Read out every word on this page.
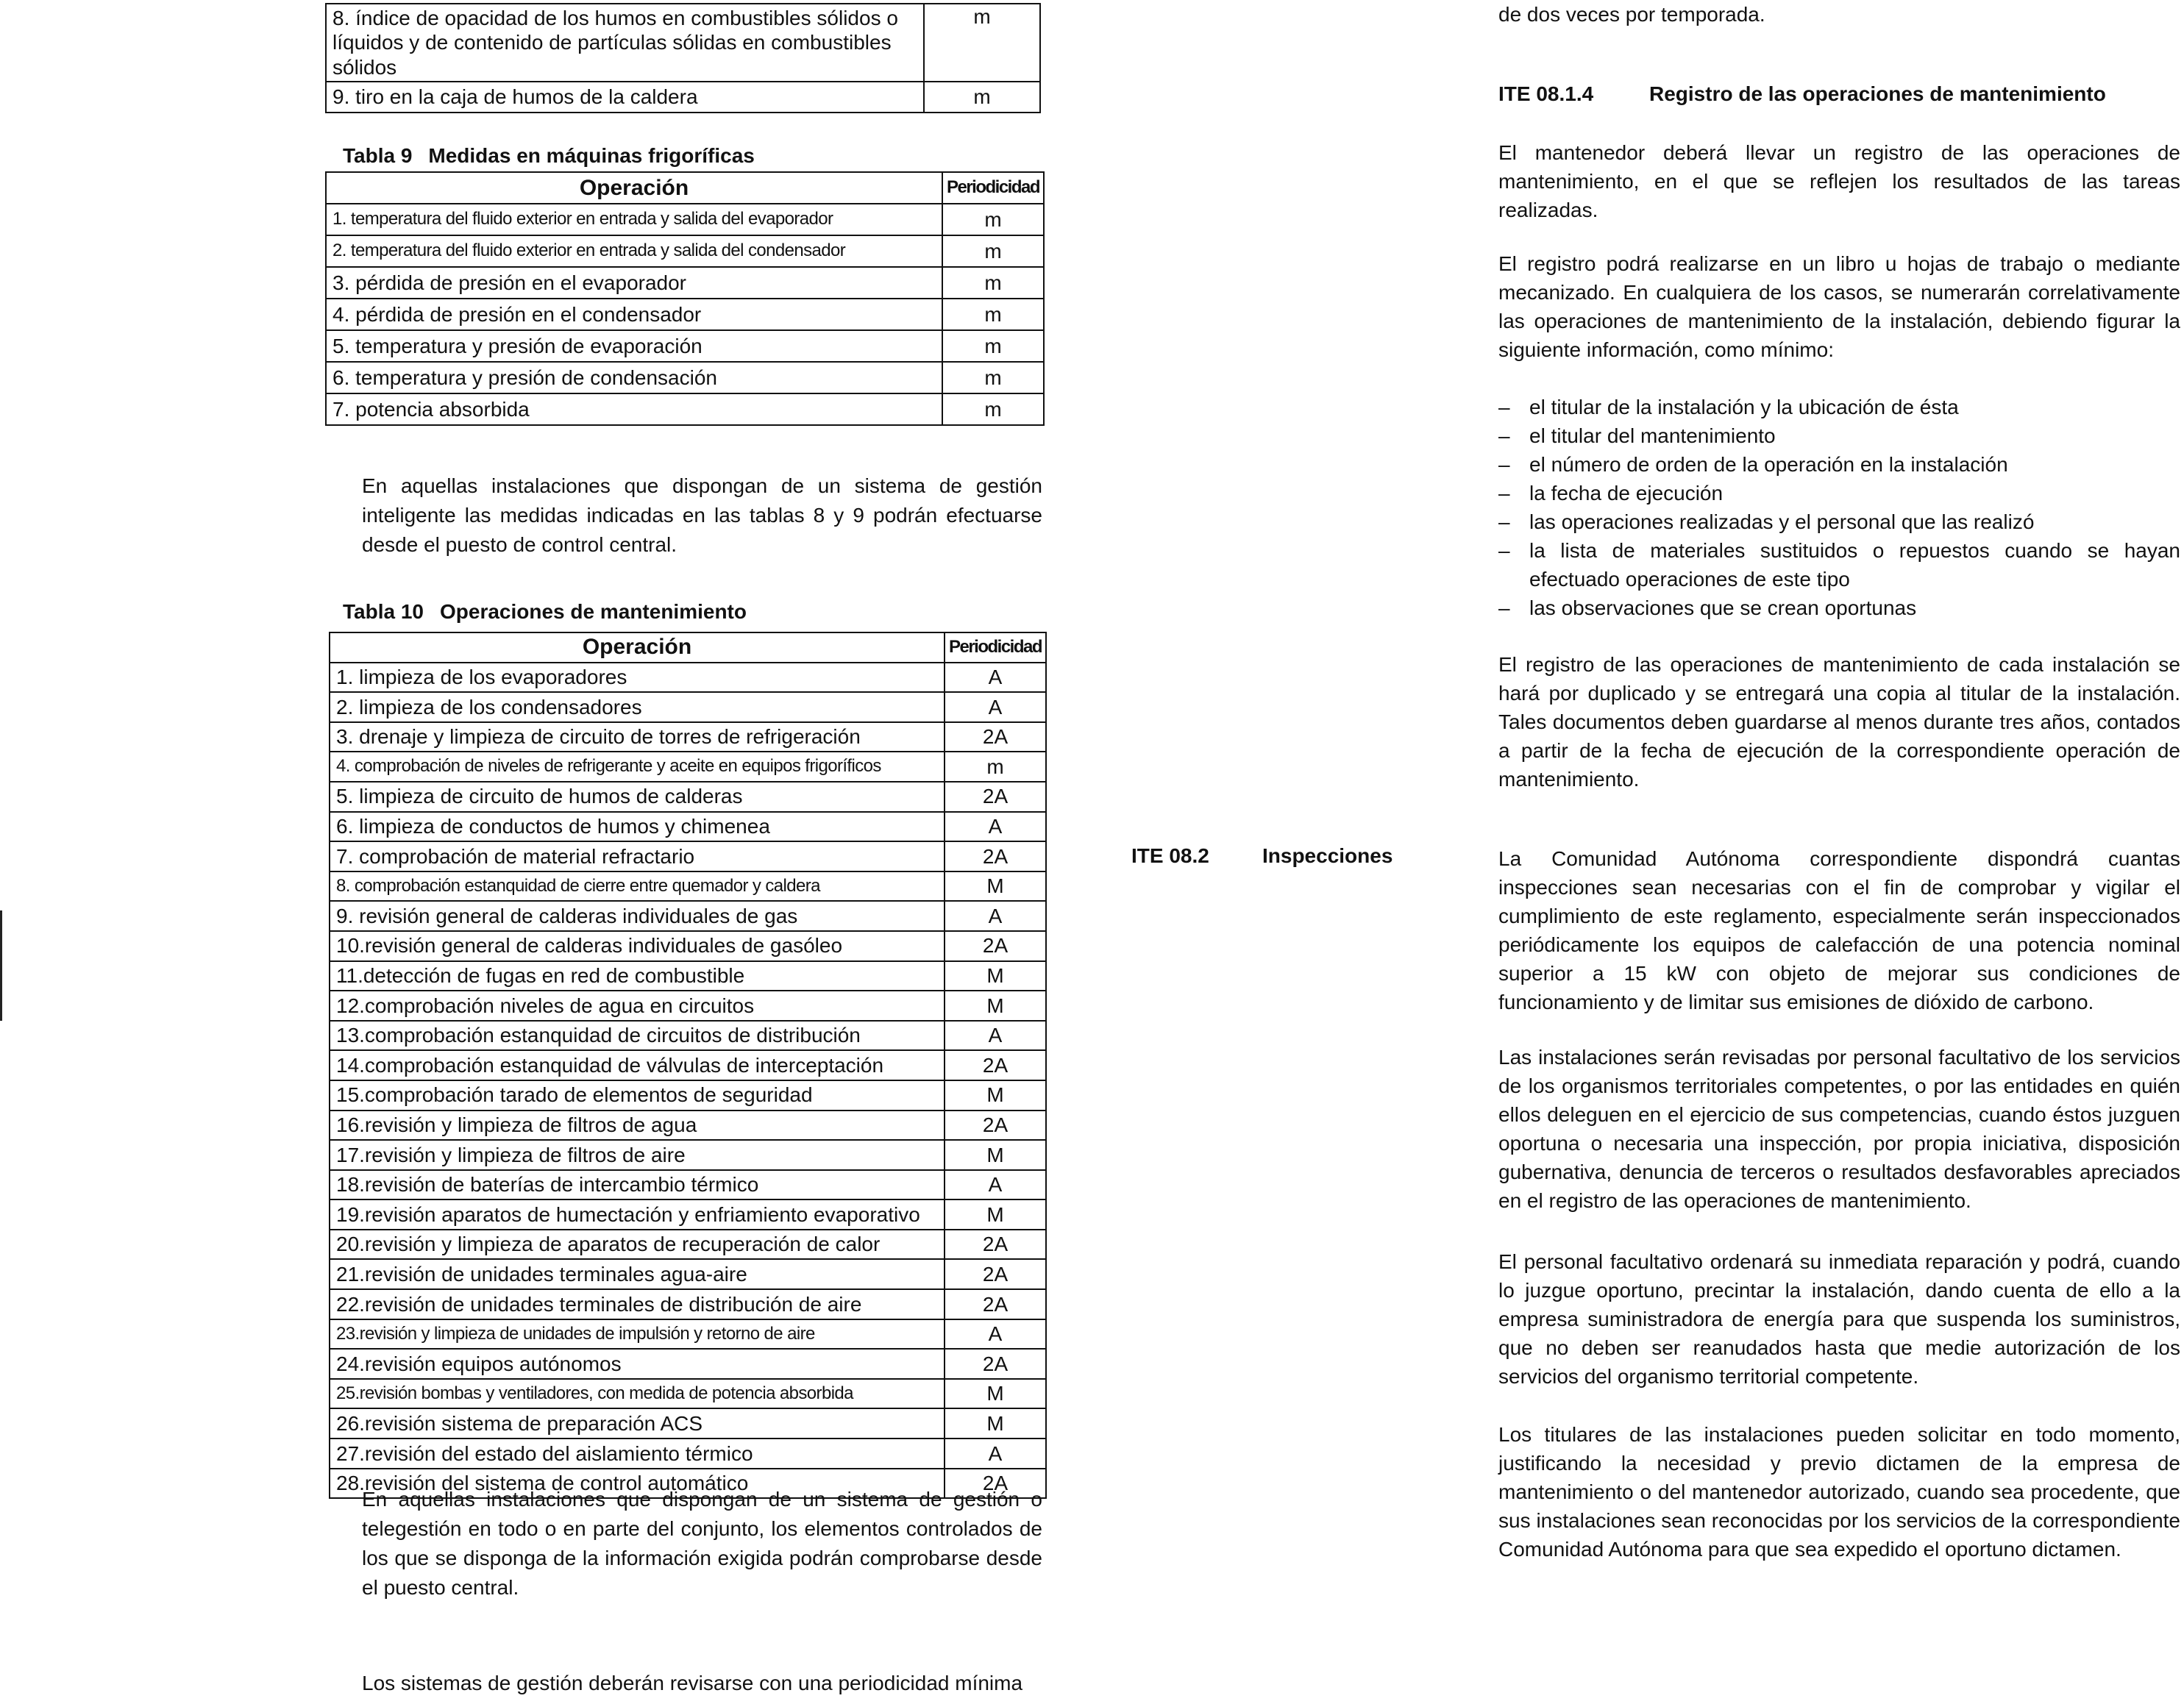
8. índice de opacidad de los humos en combustibles sólidos o líquidos y de contenido de partículas sólidas en combustibles sólidos	m
9. tiro en la caja de humos de la caldera	m
Tabla 9 Medidas en máquinas frigoríficas
Operación	Periodicidad
1. temperatura del fluido exterior en entrada y salida del evaporador	m
2. temperatura del fluido exterior en entrada y salida del condensador	m
3. pérdida de presión en el evaporador	m
4. pérdida de presión en el condensador	m
5. temperatura y presión de evaporación	m
6. temperatura y presión de condensación	m
7. potencia absorbida	m
En aquellas instalaciones que dispongan de un sistema de gestión inteligente las medidas indicadas en las tablas 8 y 9 podrán efectuarse desde el puesto de control central.
Tabla 10 Operaciones de mantenimiento
Operación	Periodicidad
1. limpieza de los evaporadores	A
2. limpieza de los condensadores	A
3. drenaje y limpieza de circuito de torres de refrigeración	2A
4. comprobación de niveles de refrigerante y aceite en equipos frigoríficos	m
5. limpieza de circuito de humos de calderas	2A
6. limpieza de conductos de humos y chimenea	A
7. comprobación de material refractario	2A
8. comprobación estanquidad de cierre entre quemador y caldera	M
9. revisión general de calderas individuales de gas	A
10.revisión general de calderas individuales de gasóleo	2A
11.detección de fugas en red de combustible	M
12.comprobación niveles de agua en circuitos	M
13.comprobación estanquidad de circuitos de distribución	A
14.comprobación estanquidad de válvulas de interceptación	2A
15.comprobación tarado de elementos de seguridad	M
16.revisión y limpieza de filtros de agua	2A
17.revisión y limpieza de filtros de aire	M
18.revisión de baterías de intercambio térmico	A
19.revisión aparatos de humectación y enfriamiento evaporativo	M
20.revisión y limpieza de aparatos de recuperación de calor	2A
21.revisión de unidades terminales agua-aire	2A
22.revisión de unidades terminales de distribución de aire	2A
23.revisión y limpieza de unidades de impulsión y retorno de aire	A
24.revisión equipos autónomos	2A
25.revisión bombas y ventiladores, con medida de potencia absorbida	M
26.revisión sistema de preparación ACS	M
27.revisión del estado del aislamiento térmico	A
28.revisión del sistema de control automático	2A
En aquellas instalaciones que dispongan de un sistema de gestión o telegestión en todo o en parte del conjunto, los elementos controlados de los que se disponga de la información exigida podrán comprobarse desde el puesto central.
Los sistemas de gestión deberán revisarse con una periodicidad mínima
de dos veces por temporada.
ITE 08.1.4	Registro de las operaciones de mantenimiento
El mantenedor deberá llevar un registro de las operaciones de mantenimiento, en el que se reflejen los resultados de las tareas realizadas.
El registro podrá realizarse en un libro u hojas de trabajo o mediante mecanizado. En cualquiera de los casos, se numerarán correlativamente las operaciones de mantenimiento de la instalación, debiendo figurar la siguiente información, como mínimo:
– el titular de la instalación y la ubicación de ésta
– el titular del mantenimiento
– el número de orden de la operación en la instalación
– la fecha de ejecución
– las operaciones realizadas y el personal que las realizó
– la lista de materiales sustituidos o repuestos cuando se hayan efectuado operaciones de este tipo
– las observaciones que se crean oportunas
El registro de las operaciones de mantenimiento de cada instalación se hará por duplicado y se entregará una copia al titular de la instalación. Tales documentos deben guardarse al menos durante tres años, contados a partir de la fecha de ejecución de la correspondiente operación de mantenimiento.
ITE 08.2	Inspecciones	La Comunidad Autónoma correspondiente dispondrá cuantas inspecciones sean necesarias con el fin de comprobar y vigilar el cumplimiento de este reglamento, especialmente serán inspeccionados periódicamente los equipos de calefacción de una potencia nominal superior a 15 kW con objeto de mejorar sus condiciones de funcionamiento y de limitar sus emisiones de dióxido de carbono.
Las instalaciones serán revisadas por personal facultativo de los servicios de los organismos territoriales competentes, o por las entidades en quién ellos deleguen en el ejercicio de sus competencias, cuando éstos juzguen oportuna o necesaria una inspección, por propia iniciativa, disposición gubernativa, denuncia de terceros o resultados desfavorables apreciados en el registro de las operaciones de mantenimiento.
El personal facultativo ordenará su inmediata reparación y podrá, cuando lo juzgue oportuno, precintar la instalación, dando cuenta de ello a la empresa suministradora de energía para que suspenda los suministros, que no deben ser reanudados hasta que medie autorización de los servicios del organismo territorial competente.
Los titulares de las instalaciones pueden solicitar en todo momento, justificando la necesidad y previo dictamen de la empresa de mantenimiento o del mantenedor autorizado, cuando sea procedente, que sus instalaciones sean reconocidas por los servicios de la correspondiente Comunidad Autónoma para que sea expedido el oportuno dictamen.
